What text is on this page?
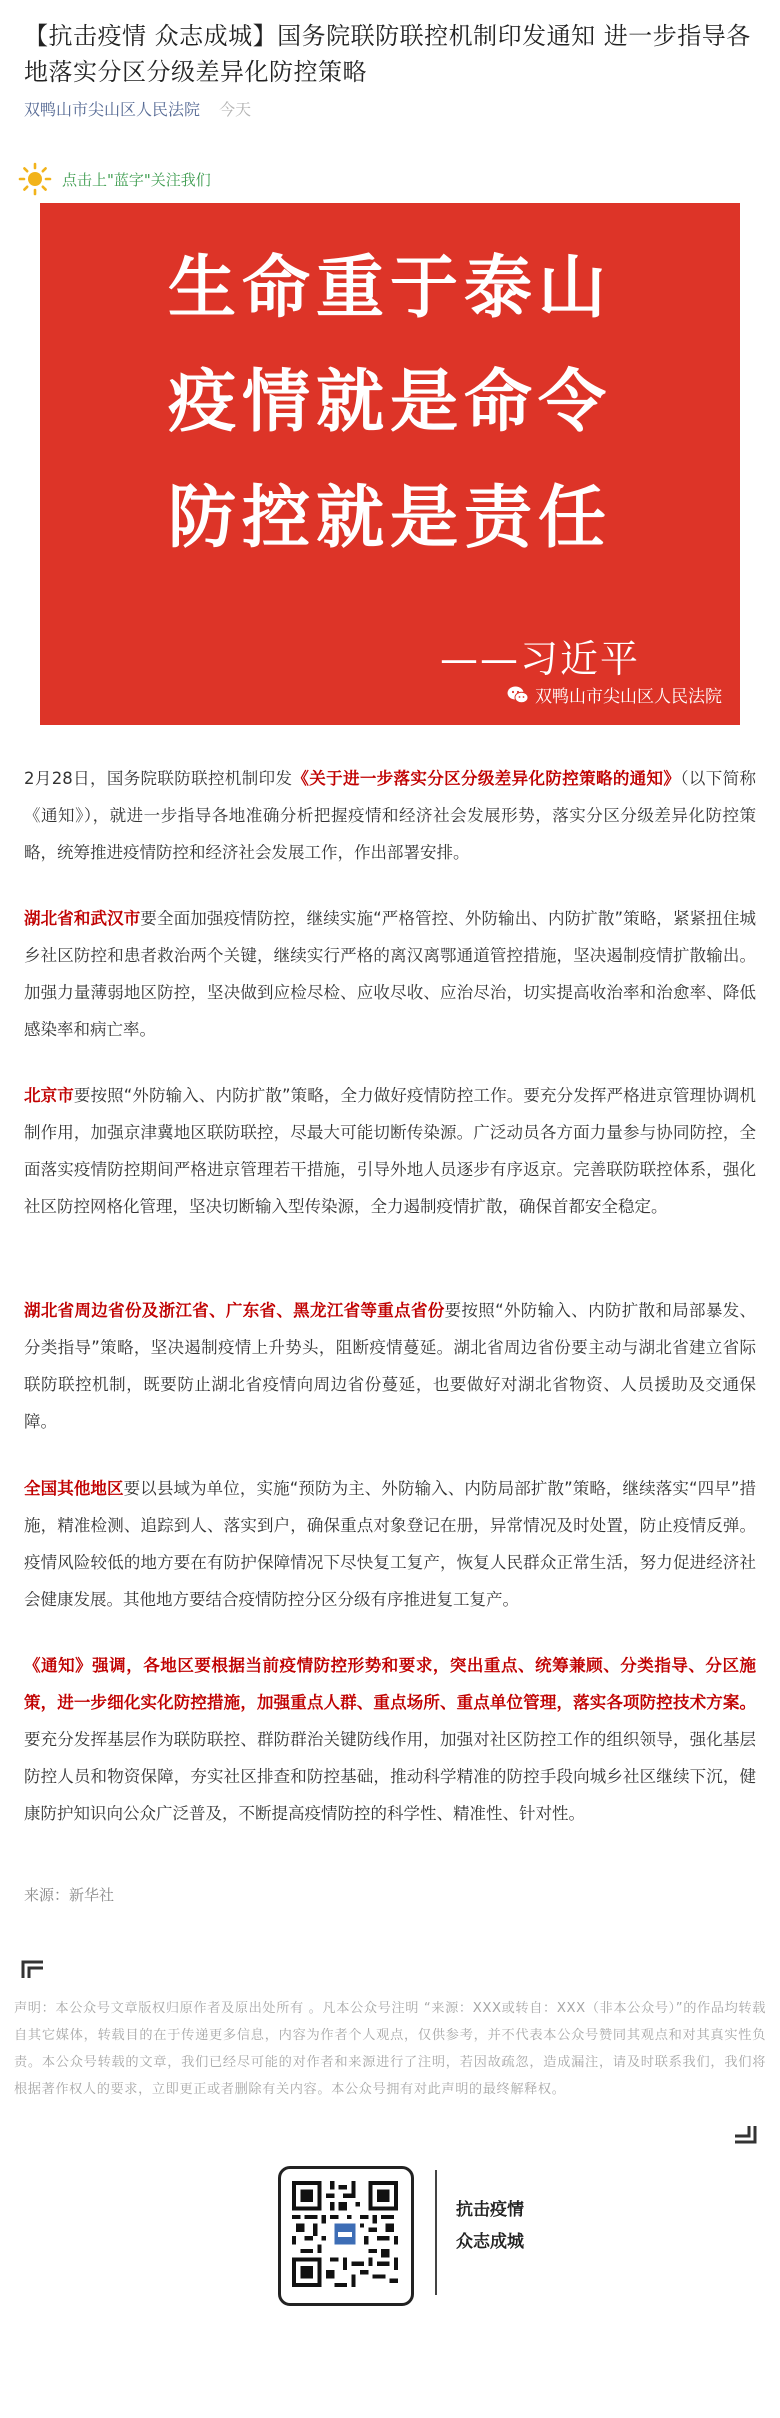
【抗击疫情 众志成城】国务院联防联控机制印发通知 进一步指导各地落实分区分级差异化防控策略
双鸭山市尖山区人民法院 今天
点击上"蓝字"关注我们
生命重于泰山
疫情就是命令
防控就是责任
——习近平
双鸭山市尖山区人民法院
2月28日，国务院联防联控机制印发《关于进一步落实分区分级差异化防控策略的通知》（以下简称《通知》），就进一步指导各地准确分析把握疫情和经济社会发展形势，落实分区分级差异化防控策略，统筹推进疫情防控和经济社会发展工作，作出部署安排。
湖北省和武汉市要全面加强疫情防控，继续实施“严格管控、外防输出、内防扩散”策略，紧紧扭住城乡社区防控和患者救治两个关键，继续实行严格的离汉离鄂通道管控措施，坚决遏制疫情扩散输出。加强力量薄弱地区防控，坚决做到应检尽检、应收尽收、应治尽治，切实提高收治率和治愈率、降低感染率和病亡率。
北京市要按照“外防输入、内防扩散”策略，全力做好疫情防控工作。要充分发挥严格进京管理协调机制作用，加强京津冀地区联防联控，尽最大可能切断传染源。广泛动员各方面力量参与协同防控，全面落实疫情防控期间严格进京管理若干措施，引导外地人员逐步有序返京。完善联防联控体系，强化社区防控网格化管理，坚决切断输入型传染源，全力遏制疫情扩散，确保首都安全稳定。
湖北省周边省份及浙江省、广东省、黑龙江省等重点省份要按照“外防输入、内防扩散和局部暴发、分类指导”策略，坚决遏制疫情上升势头，阻断疫情蔓延。湖北省周边省份要主动与湖北省建立省际联防联控机制，既要防止湖北省疫情向周边省份蔓延，也要做好对湖北省物资、人员援助及交通保障。
全国其他地区要以县域为单位，实施“预防为主、外防输入、内防局部扩散”策略，继续落实“四早”措施，精准检测、追踪到人、落实到户，确保重点对象登记在册，异常情况及时处置，防止疫情反弹。疫情风险较低的地方要在有防护保障情况下尽快复工复产，恢复人民群众正常生活，努力促进经济社会健康发展。其他地方要结合疫情防控分区分级有序推进复工复产。
《通知》强调，各地区要根据当前疫情防控形势和要求，突出重点、统筹兼顾、分类指导、分区施策，进一步细化实化防控措施，加强重点人群、重点场所、重点单位管理，落实各项防控技术方案。要充分发挥基层作为联防联控、群防群治关键防线作用，加强对社区防控工作的组织领导，强化基层防控人员和物资保障，夯实社区排查和防控基础，推动科学精准的防控手段向城乡社区继续下沉，健康防护知识向公众广泛普及，不断提高疫情防控的科学性、精准性、针对性。
来源：新华社
声明：本公众号文章版权归原作者及原出处所有 。凡本公众号注明 “来源：XXX或转自：XXX（非本公众号）”的作品均转载自其它媒体，转载目的在于传递更多信息，内容为作者个人观点，仅供参考，并不代表本公众号赞同其观点和对其真实性负责。本公众号转载的文章，我们已经尽可能的对作者和来源进行了注明，若因故疏忽，造成漏注，请及时联系我们，我们将根据著作权人的要求，立即更正或者删除有关内容。本公众号拥有对此声明的最终解释权。
抗击疫情
众志成城
